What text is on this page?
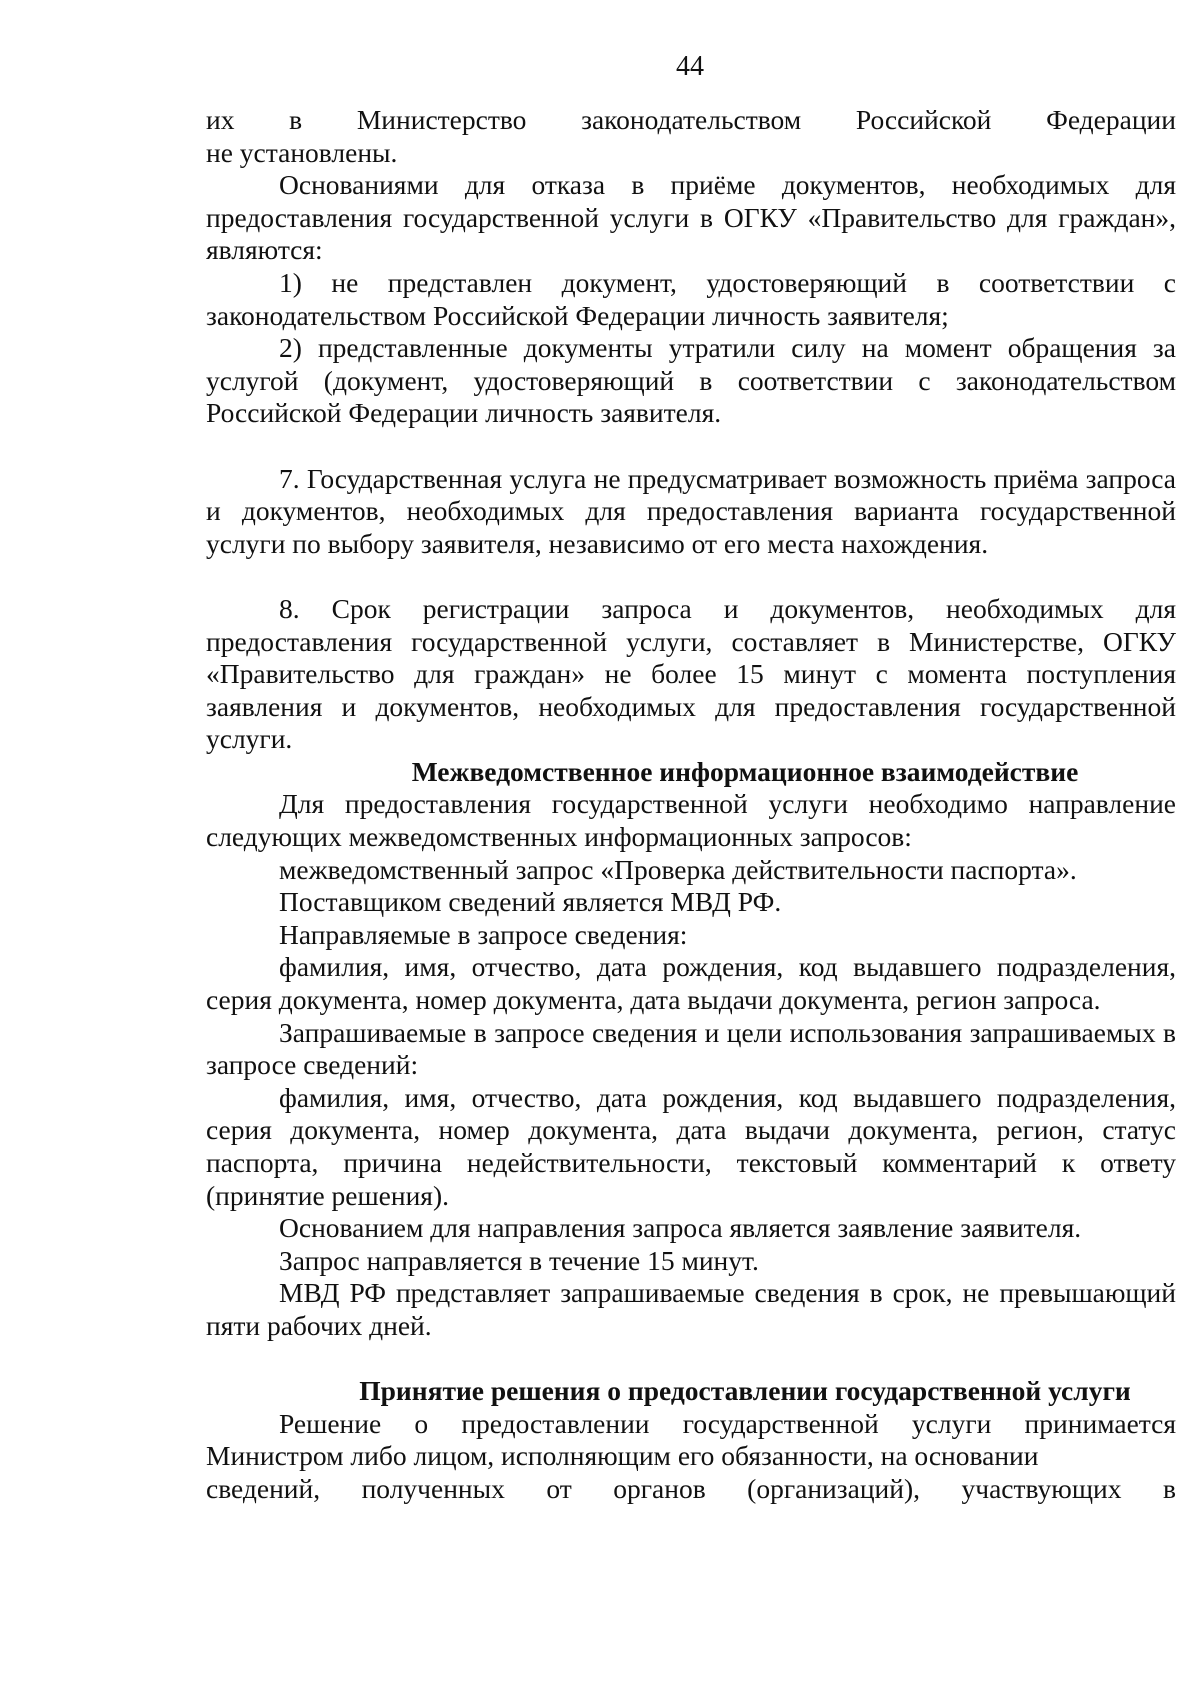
44
их в Министерство законодательством Российской Федерации

не установлены.

Основаниями для отказа в приёме документов, необходимых для предоставления государственной услуги в ОГКУ «Правительство для граждан», являются:

1) не представлен документ, удостоверяющий в соответствии с законодательством Российской Федерации личность заявителя;

2) представленные документы утратили силу на момент обращения за услугой (документ, удостоверяющий в соответствии с законодательством Российской Федерации личность заявителя.

7. Государственная услуга не предусматривает возможность приёма запроса и документов, необходимых для предоставления варианта государственной услуги по выбору заявителя, независимо от его места нахождения.

8. Срок регистрации запроса и документов, необходимых для предоставления государственной услуги, составляет в Министерстве, ОГКУ «Правительство для граждан» не более 15 минут с момента поступления заявления и документов, необходимых для предоставления государственной услуги.

Межведомственное информационное взаимодействие

Для предоставления государственной услуги необходимо направление следующих межведомственных информационных запросов:

межведомственный запрос «Проверка действительности паспорта».

Поставщиком сведений является МВД РФ.

Направляемые в запросе сведения:

фамилия, имя, отчество, дата рождения, код выдавшего подразделения, серия документа, номер документа, дата выдачи документа, регион запроса.

Запрашиваемые в запросе сведения и цели использования запрашиваемых в запросе сведений:

фамилия, имя, отчество, дата рождения, код выдавшего подразделения, серия документа, номер документа, дата выдачи документа, регион, статус паспорта, причина недействительности, текстовый комментарий к ответу (принятие решения).

Основанием для направления запроса является заявление заявителя.

Запрос направляется в течение 15 минут.

МВД РФ представляет запрашиваемые сведения в срок, не превышающий пяти рабочих дней.

Принятие решения о предоставлении государственной услуги

Решение о предоставлении государственной услуги принимается Министром либо лицом, исполняющим его обязанности, на основании

сведений, полученных от органов (организаций), участвующих в
